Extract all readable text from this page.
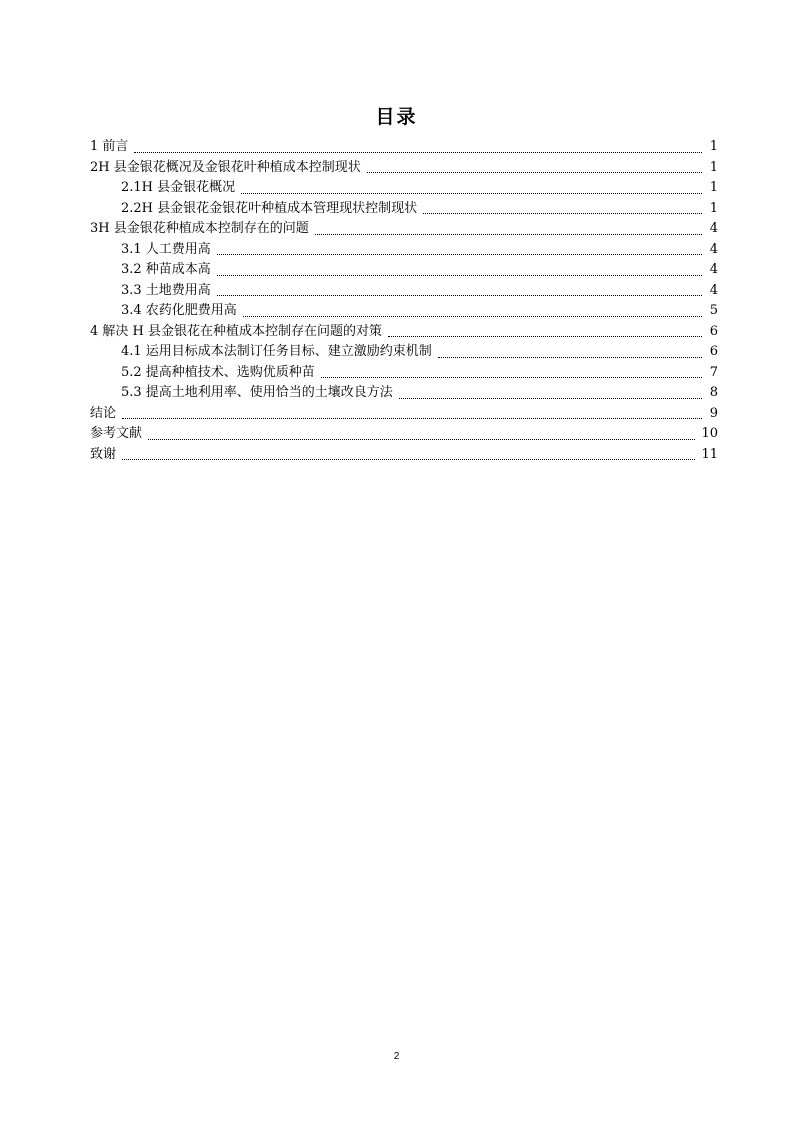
目录
1 前言	1
2H 县金银花概况及金银花叶种植成本控制现状	1
2.1H 县金银花概况	1
2.2H 县金银花金银花叶种植成本管理现状控制现状	1
3H 县金银花种植成本控制存在的问题	4
3.1 人工费用高	4
3.2 种苗成本高	4
3.3 土地费用高	4
3.4 农药化肥费用高	5
4 解决 H 县金银花在种植成本控制存在问题的对策	6
4.1 运用目标成本法制订任务目标、建立激励约束机制	6
5.2 提高种植技术、选购优质种苗	7
5.3 提高土地利用率、使用恰当的土壤改良方法	8
结论	9
参考文献	10
致谢	11
2
